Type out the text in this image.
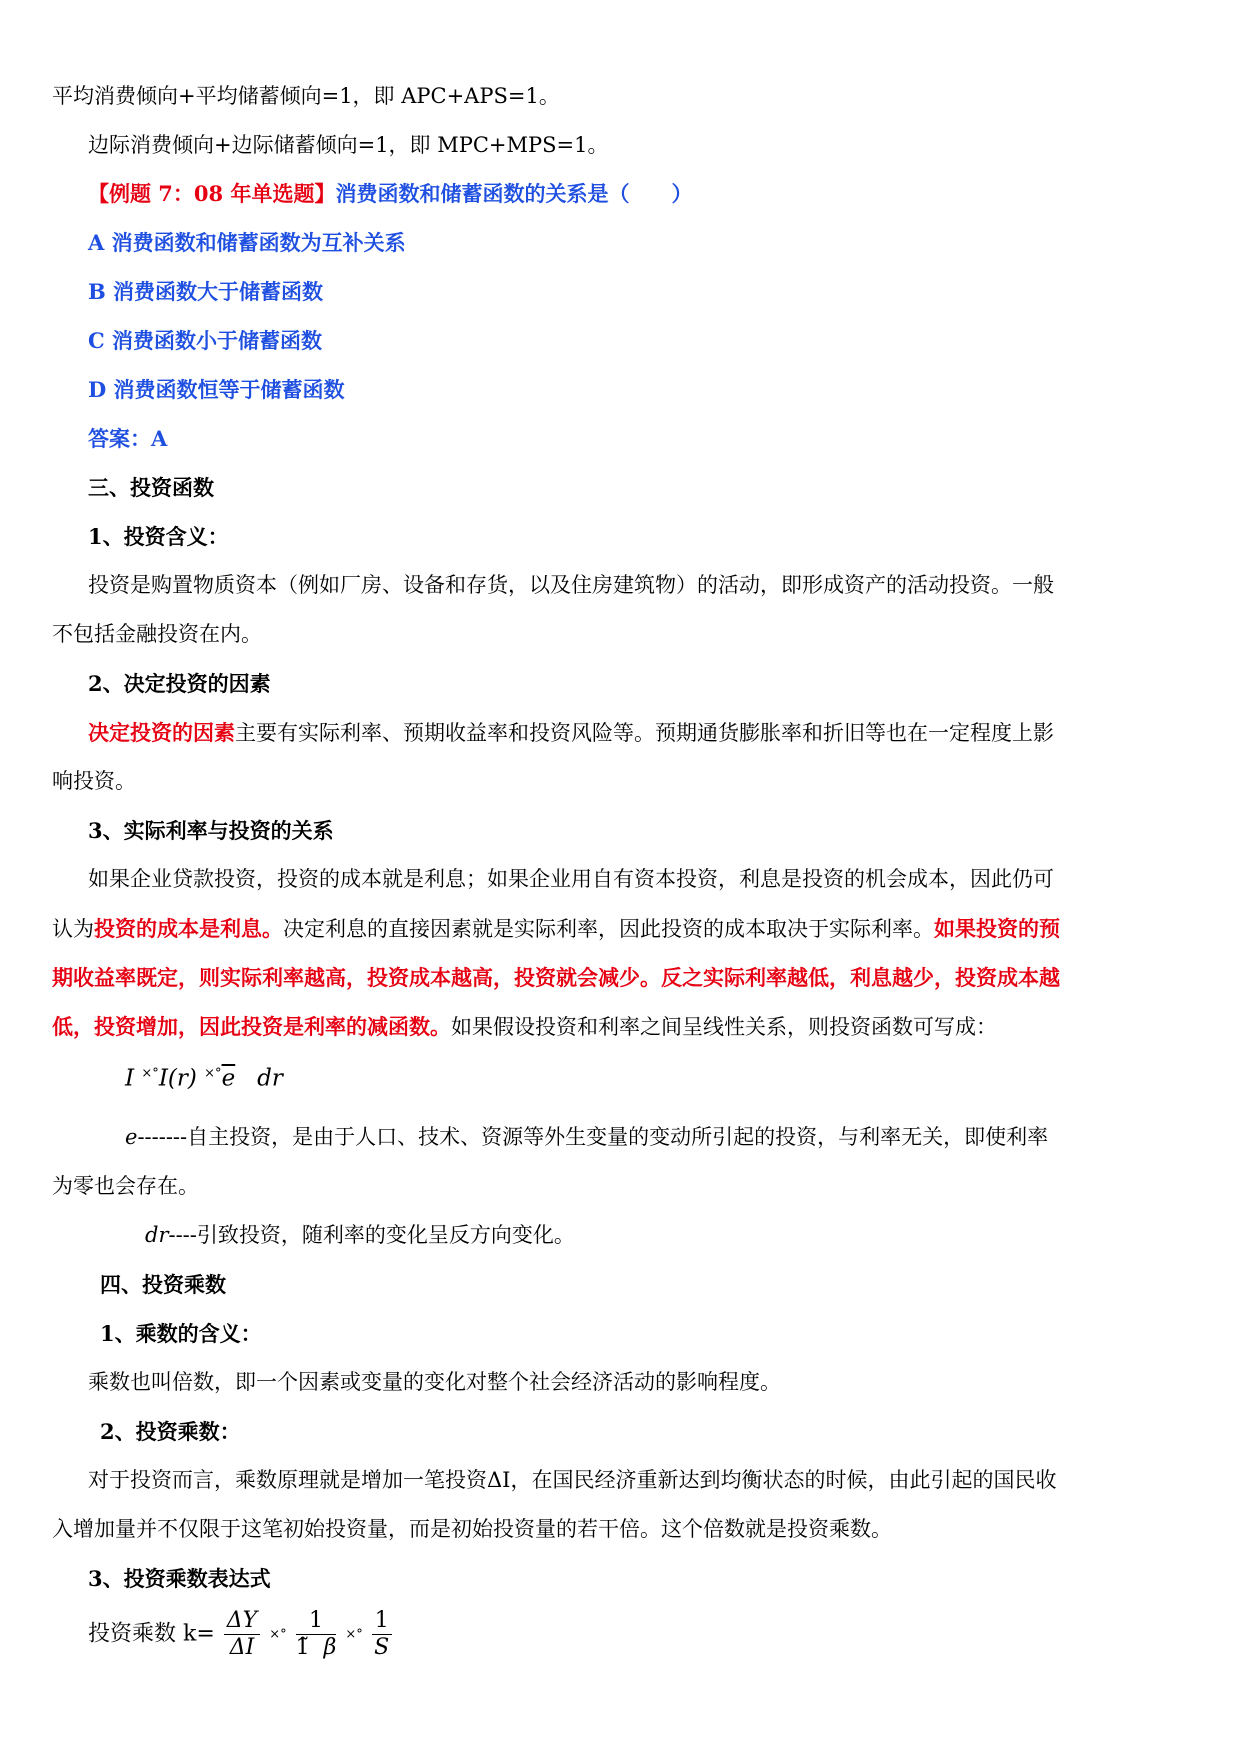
平均消费倾向+平均储蓄倾向=1，即 APC+APS=1。
边际消费倾向+边际储蓄倾向=1，即 MPC+MPS=1。
【例题 7：08 年单选题】消费函数和储蓄函数的关系是（　　）
A 消费函数和储蓄函数为互补关系
B 消费函数大于储蓄函数
C 消费函数小于储蓄函数
D 消费函数恒等于储蓄函数
答案：A
三、投资函数
1、投资含义：
投资是购置物质资本（例如厂房、设备和存货，以及住房建筑物）的活动，即形成资产的活动投资。一般
不包括金融投资在内。
2、决定投资的因素
决定投资的因素主要有实际利率、预期收益率和投资风险等。预期通货膨胀率和折旧等也在一定程度上影
响投资。
3、实际利率与投资的关系
如果企业贷款投资，投资的成本就是利息；如果企业用自有资本投资，利息是投资的机会成本，因此仍可
认为投资的成本是利息。决定利息的直接因素就是实际利率，因此投资的成本取决于实际利率。如果投资的预
期收益率既定，则实际利率越高，投资成本越高，投资就会减少。反之实际利率越低，利息越少，投资成本越
低，投资增加，因此投资是利率的减函数。如果假设投资和利率之间呈线性关系，则投资函数可写成：
I ×°I(r) $^{\times^\circ}\overline{e}$ dr
e-------自主投资，是由于人口、技术、资源等外生变量的变动所引起的投资，与利率无关，即使利率
为零也会存在。
dr----引致投资，随利率的变化呈反方向变化。
四、投资乘数
1、乘数的含义：
乘数也叫倍数，即一个因素或变量的变化对整个社会经济活动的影响程度。
2、投资乘数：
对于投资而言，乘数原理就是增加一笔投资ΔI，在国民经济重新达到均衡状态的时候，由此引起的国民收
入增加量并不仅限于这笔初始投资量，而是初始投资量的若干倍。这个倍数就是投资乘数。
3、投资乘数表达式
投资乘数 $k= \frac{\Delta Y}{\Delta I}$ ×° $\frac{1}{1̃ \beta}$ ×° $\frac{1}{S}$
